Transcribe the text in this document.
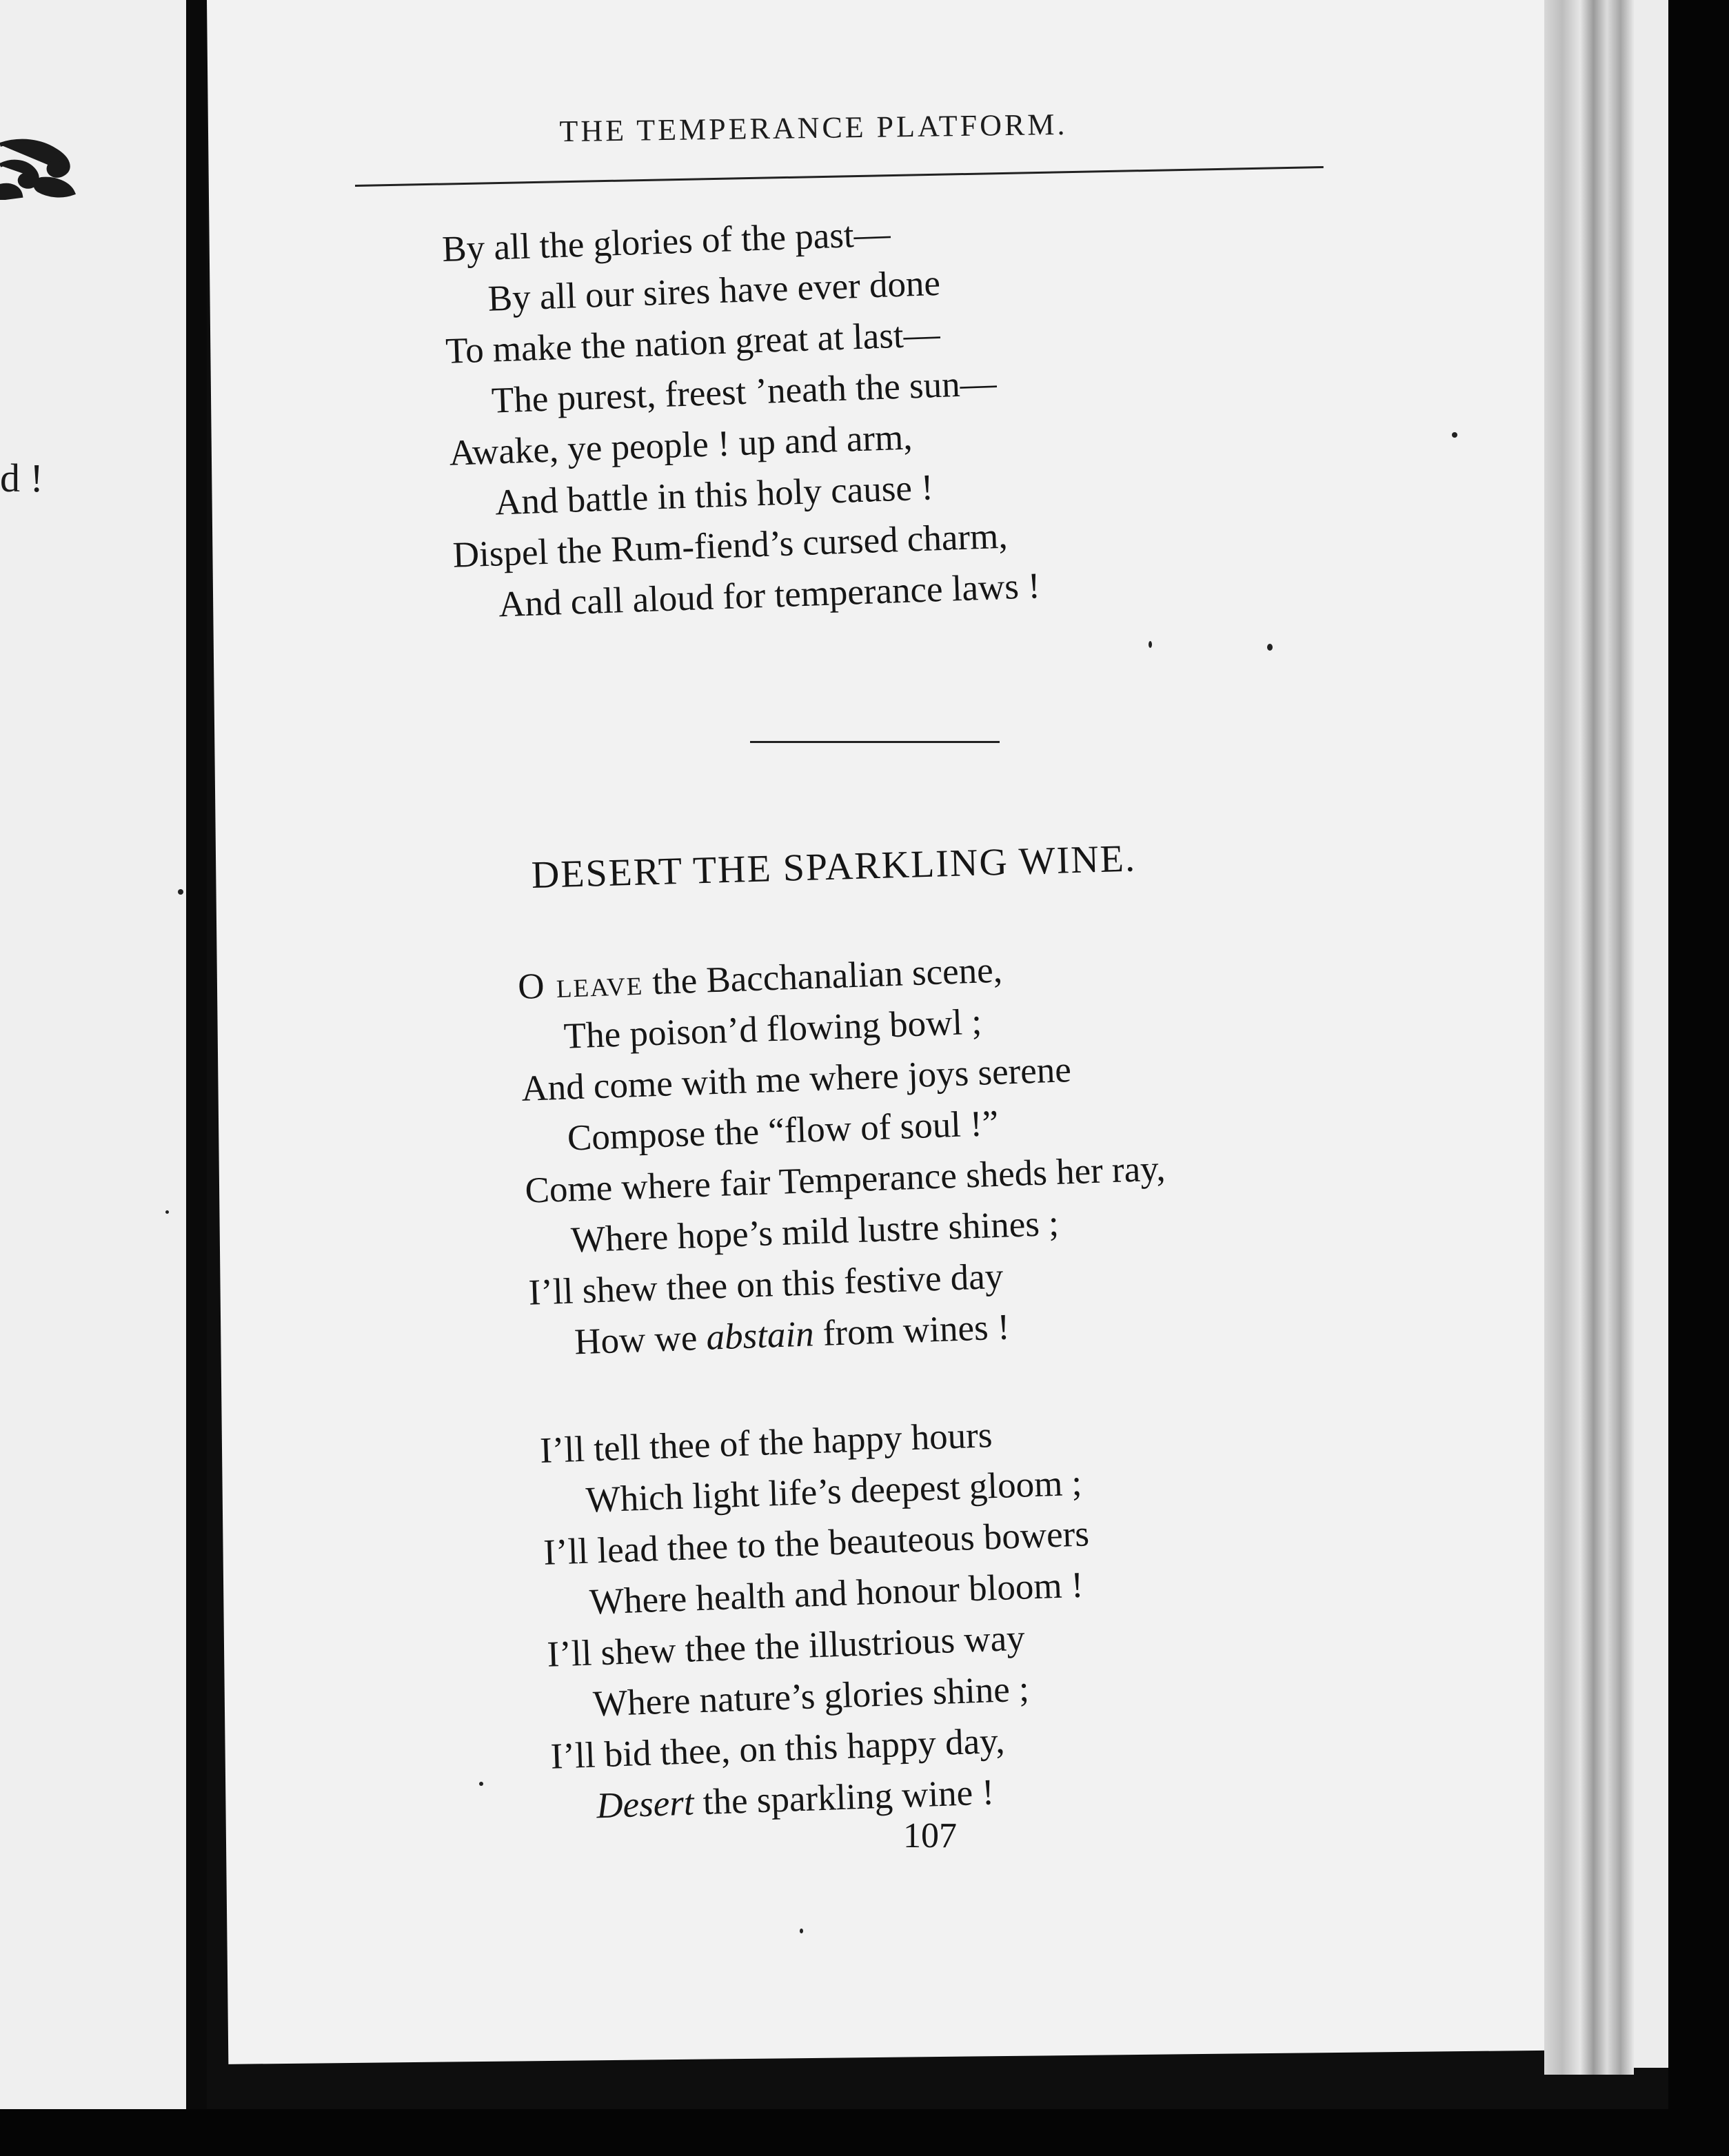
d !
THE TEMPERANCE PLATFORM.
By all the glories of the past—
By all our sires have ever done
To make the nation great at last—
The purest, freest ’neath the sun—
Awake, ye people ! up and arm,
And battle in this holy cause !
Dispel the Rum-fiend’s cursed charm,
And call aloud for temperance laws !
DESERT THE SPARKLING WINE.
O leave the Bacchanalian scene,
The poison’d flowing bowl ;
And come with me where joys serene
Compose the “flow of soul !”
Come where fair Temperance sheds her ray,
Where hope’s mild lustre shines ;
I’ll shew thee on this festive day
How we abstain from wines !
I’ll tell thee of the happy hours
Which light life’s deepest gloom ;
I’ll lead thee to the beauteous bowers
Where health and honour bloom !
I’ll shew thee the illustrious way
Where nature’s glories shine ;
I’ll bid thee, on this happy day,
Desert the sparkling wine !
107
